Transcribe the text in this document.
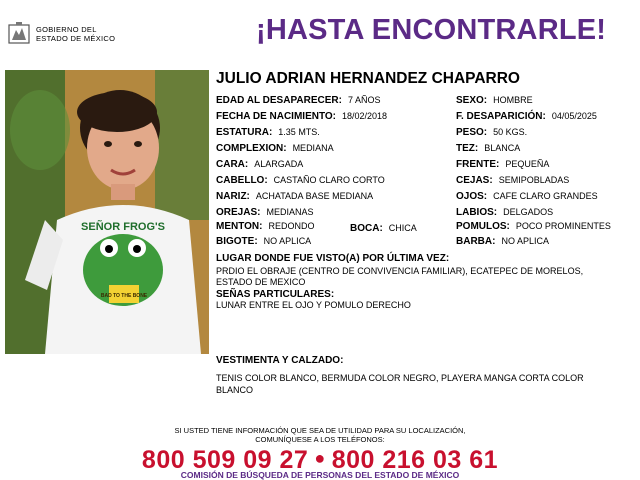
GOBIERNO DEL
ESTADO DE MÉXICO	¡HASTA ENCONTRARLE!
SEÑOR FROG'S
BAD TO THE BONE
JULIO ADRIAN HERNANDEZ CHAPARRO
EDAD AL DESAPARECER: 7 AÑOS	SEXO: HOMBRE
FECHA DE NACIMIENTO: 18/02/2018	F. DESAPARICIÓN: 04/05/2025
ESTATURA: 1.35 MTS.	PESO: 50 KGS.
COMPLEXION: MEDIANA	TEZ: BLANCA
CARA: ALARGADA	FRENTE: PEQUEÑA
CABELLO: CASTAÑO CLARO CORTO	CEJAS: SEMIPOBLADAS
NARIZ: ACHATADA BASE MEDIANA	OJOS: CAFE CLARO GRANDES
OREJAS: MEDIANAS	LABIOS: DELGADOS
MENTON: REDONDO	BOCA: CHICA	POMULOS: POCO PROMINENTES
BIGOTE: NO APLICA	BARBA: NO APLICA
LUGAR DONDE FUE VISTO(A) POR ÚLTIMA VEZ:
PRDIO EL OBRAJE (CENTRO DE CONVIVENCIA FAMILIAR), ECATEPEC DE MORELOS,
ESTADO DE MEXICO
SEÑAS PARTICULARES:
LUNAR ENTRE EL OJO Y POMULO DERECHO
VESTIMENTA Y CALZADO:
TENIS COLOR BLANCO, BERMUDA COLOR NEGRO, PLAYERA MANGA CORTA COLOR
BLANCO
SI USTED TIENE INFORMACIÓN QUE SEA DE UTILIDAD PARA SU LOCALIZACIÓN,
COMUNÍQUESE A LOS TELÉFONOS:
800 509 09 27 ● 800 216 03 61
COMISIÓN DE BÚSQUEDA DE PERSONAS DEL ESTADO DE MÉXICO
